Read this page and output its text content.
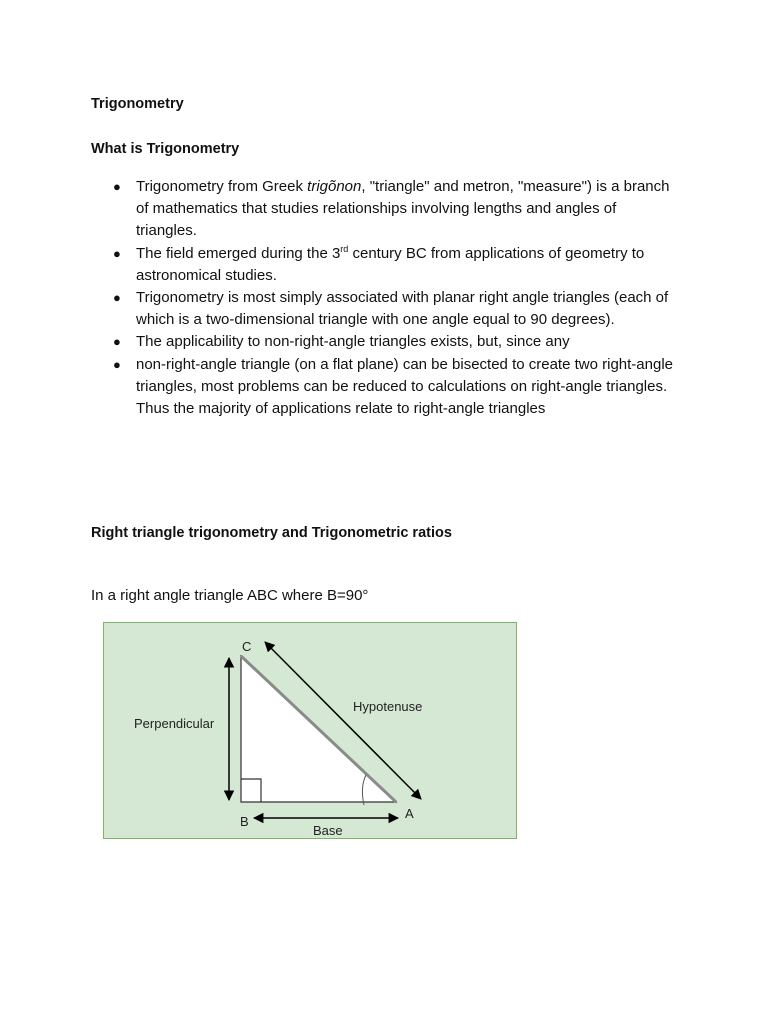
Trigonometry

What is Trigonometry

● Trigonometry from Greek trigõnon, "triangle" and metron, "measure") is a branch of mathematics that studies relationships involving lengths and angles of triangles.
● The field emerged during the 3rd century BC from applications of geometry to astronomical studies.
● Trigonometry is most simply associated with planar right angle triangles (each of which is a two-dimensional triangle with one angle equal to 90 degrees).
● The applicability to non-right-angle triangles exists, but, since any
● non-right-angle triangle (on a flat plane) can be bisected to create two right-angle triangles, most problems can be reduced to calculations on right-angle triangles. Thus the majority of applications relate to right-angle triangles

Right triangle trigonometry and Trigonometric ratios

In a right angle triangle ABC where B=90°

C
B
A
Perpendicular
Hypotenuse
Base
